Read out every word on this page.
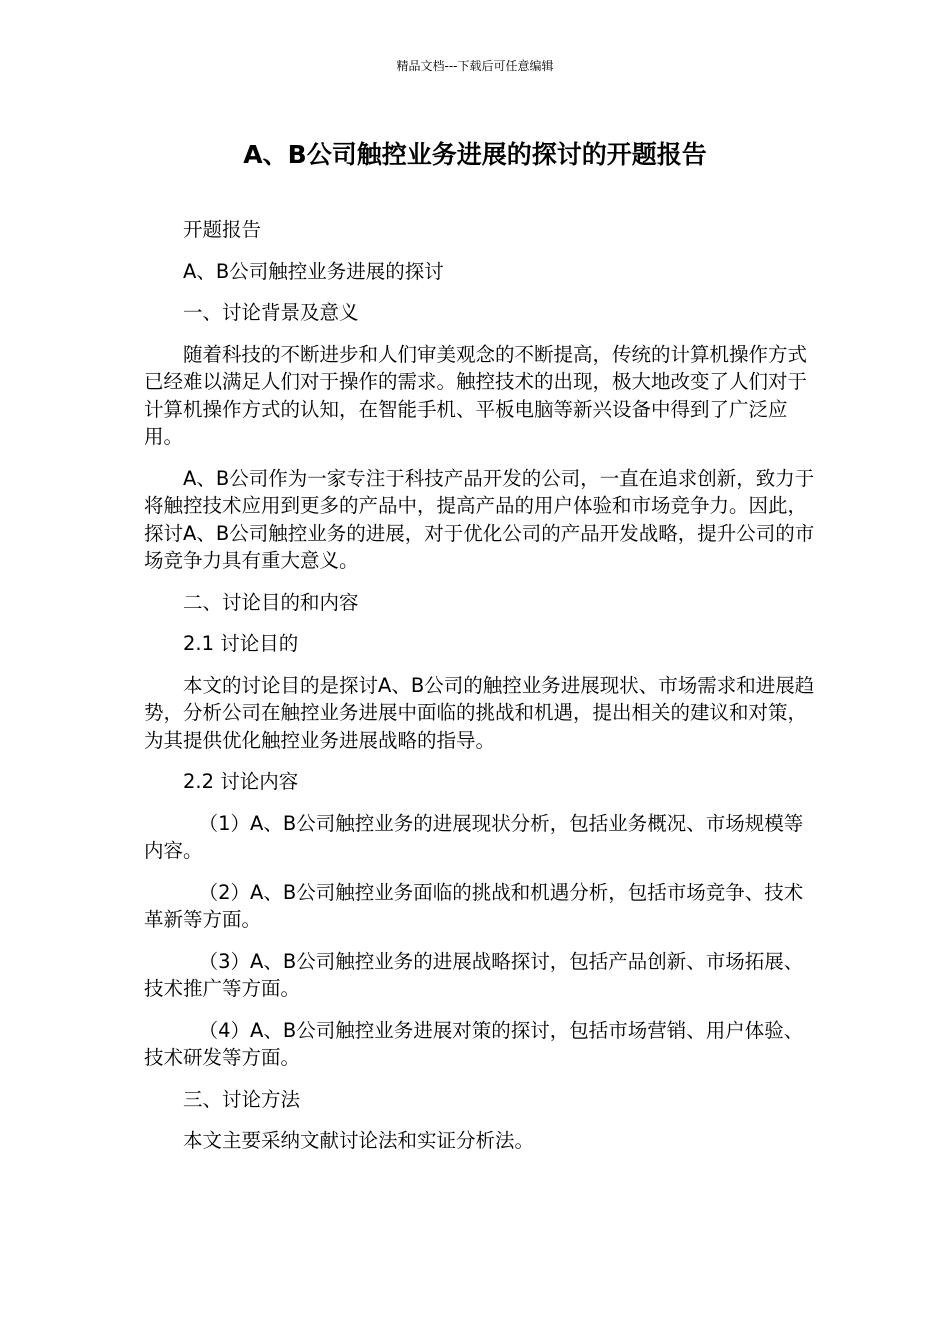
精品文档---下载后可任意编辑
A、B公司触控业务进展的探讨的开题报告

开题报告

A、B公司触控业务进展的探讨

一、讨论背景及意义

随着科技的不断进步和人们审美观念的不断提高，传统的计算机操作方式已经难以满足人们对于操作的需求。触控技术的出现，极大地改变了人们对于计算机操作方式的认知，在智能手机、平板电脑等新兴设备中得到了广泛应用。

A、B公司作为一家专注于科技产品开发的公司，一直在追求创新，致力于将触控技术应用到更多的产品中，提高产品的用户体验和市场竞争力。因此，探讨A、B公司触控业务的进展，对于优化公司的产品开发战略，提升公司的市场竞争力具有重大意义。

二、讨论目的和内容

2.1 讨论目的

本文的讨论目的是探讨A、B公司的触控业务进展现状、市场需求和进展趋势，分析公司在触控业务进展中面临的挑战和机遇，提出相关的建议和对策，为其提供优化触控业务进展战略的指导。

2.2 讨论内容

（1）A、B公司触控业务的进展现状分析，包括业务概况、市场规模等内容。

（2）A、B公司触控业务面临的挑战和机遇分析，包括市场竞争、技术革新等方面。

（3）A、B公司触控业务的进展战略探讨，包括产品创新、市场拓展、技术推广等方面。

（4）A、B公司触控业务进展对策的探讨，包括市场营销、用户体验、技术研发等方面。

三、讨论方法

本文主要采纳文献讨论法和实证分析法。
